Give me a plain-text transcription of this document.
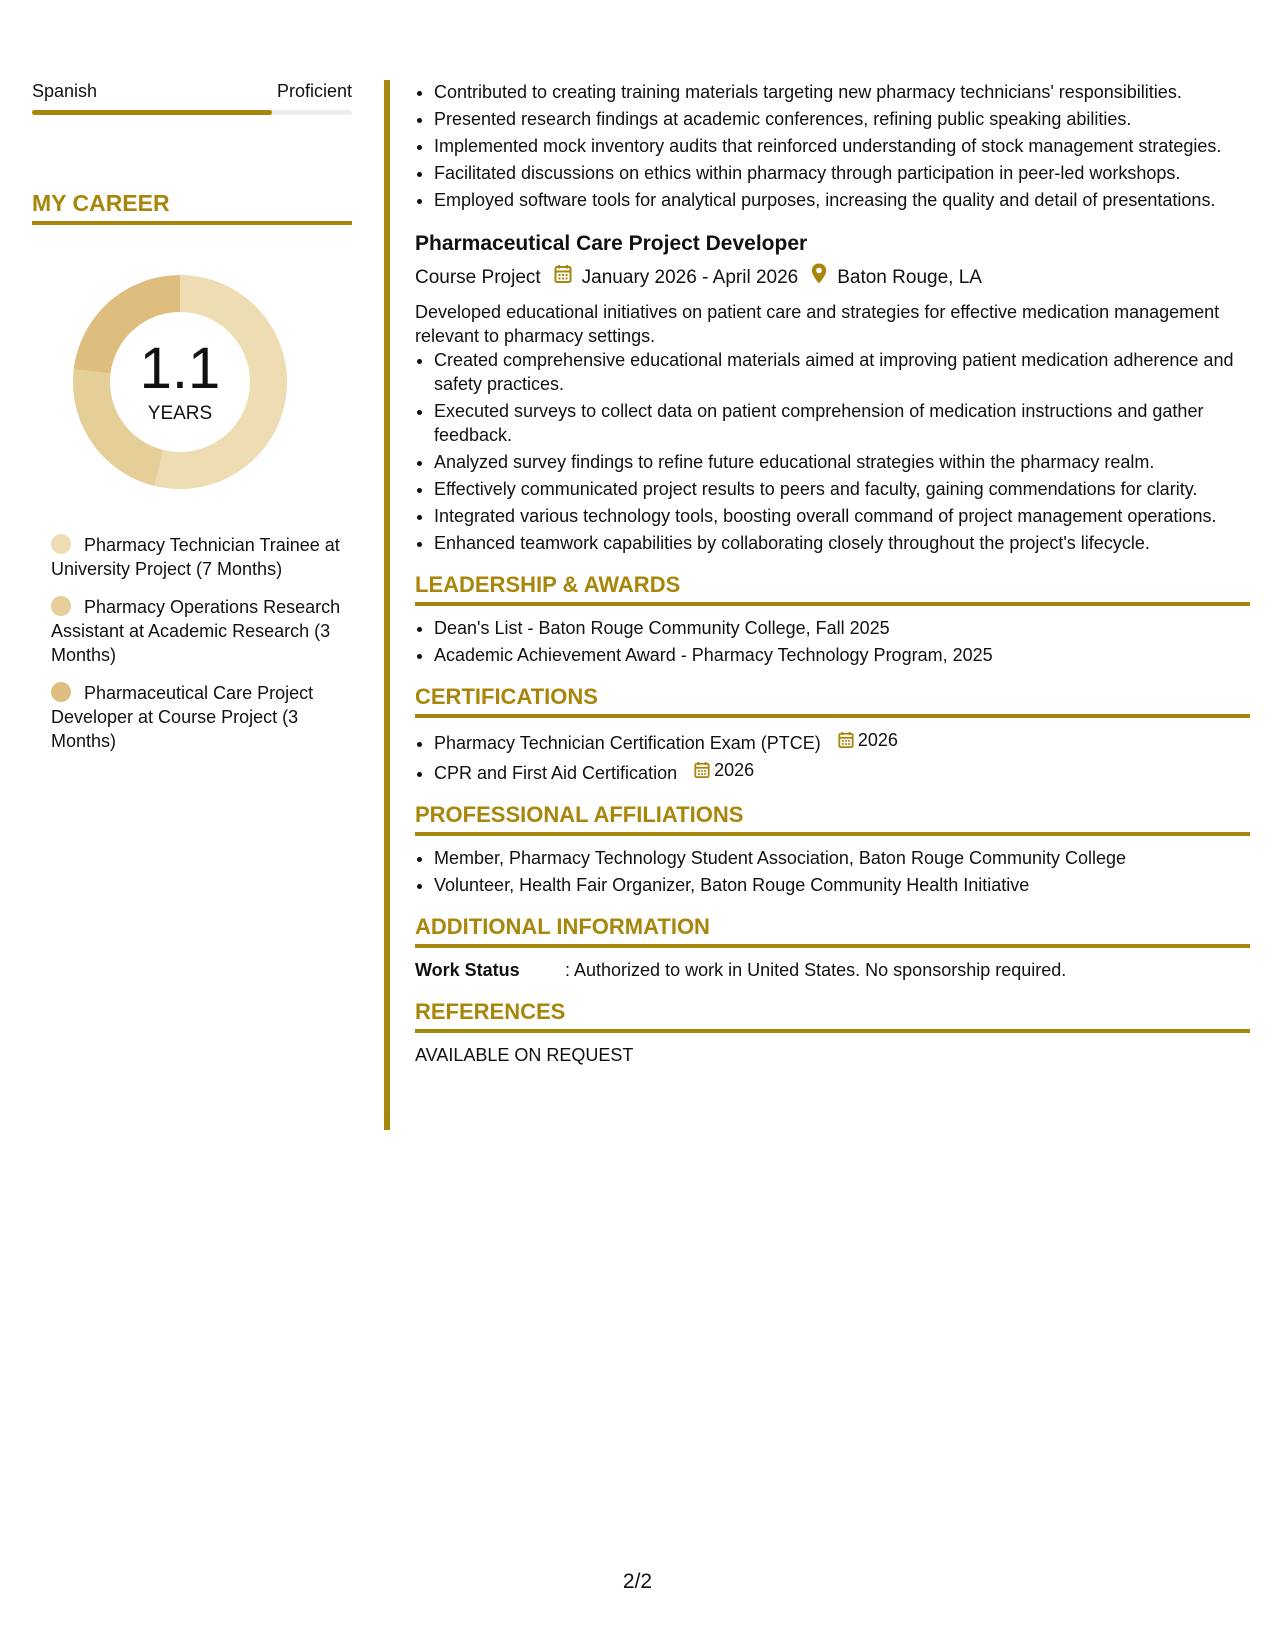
Spanish	Proficient
MY CAREER
1.1
YEARS
Pharmacy Technician Trainee at University Project (7 Months)
Pharmacy Operations Research Assistant at Academic Research (3 Months)
Pharmaceutical Care Project Developer at Course Project (3 Months)
• Contributed to creating training materials targeting new pharmacy technicians' responsibilities.
• Presented research findings at academic conferences, refining public speaking abilities.
• Implemented mock inventory audits that reinforced understanding of stock management strategies.
• Facilitated discussions on ethics within pharmacy through participation in peer-led workshops.
• Employed software tools for analytical purposes, increasing the quality and detail of presentations.
Pharmaceutical Care Project Developer
Course Project January 2026 - April 2026 Baton Rouge, LA
Developed educational initiatives on patient care and strategies for effective medication management relevant to pharmacy settings.
• Created comprehensive educational materials aimed at improving patient medication adherence and safety practices.
• Executed surveys to collect data on patient comprehension of medication instructions and gather feedback.
• Analyzed survey findings to refine future educational strategies within the pharmacy realm.
• Effectively communicated project results to peers and faculty, gaining commendations for clarity.
• Integrated various technology tools, boosting overall command of project management operations.
• Enhanced teamwork capabilities by collaborating closely throughout the project's lifecycle.
LEADERSHIP & AWARDS
• Dean's List - Baton Rouge Community College, Fall 2025
• Academic Achievement Award - Pharmacy Technology Program, 2025
CERTIFICATIONS
• Pharmacy Technician Certification Exam (PTCE) 2026
• CPR and First Aid Certification 2026
PROFESSIONAL AFFILIATIONS
• Member, Pharmacy Technology Student Association, Baton Rouge Community College
• Volunteer, Health Fair Organizer, Baton Rouge Community Health Initiative
ADDITIONAL INFORMATION
Work Status	: Authorized to work in United States. No sponsorship required.
REFERENCES
AVAILABLE ON REQUEST
2/2
